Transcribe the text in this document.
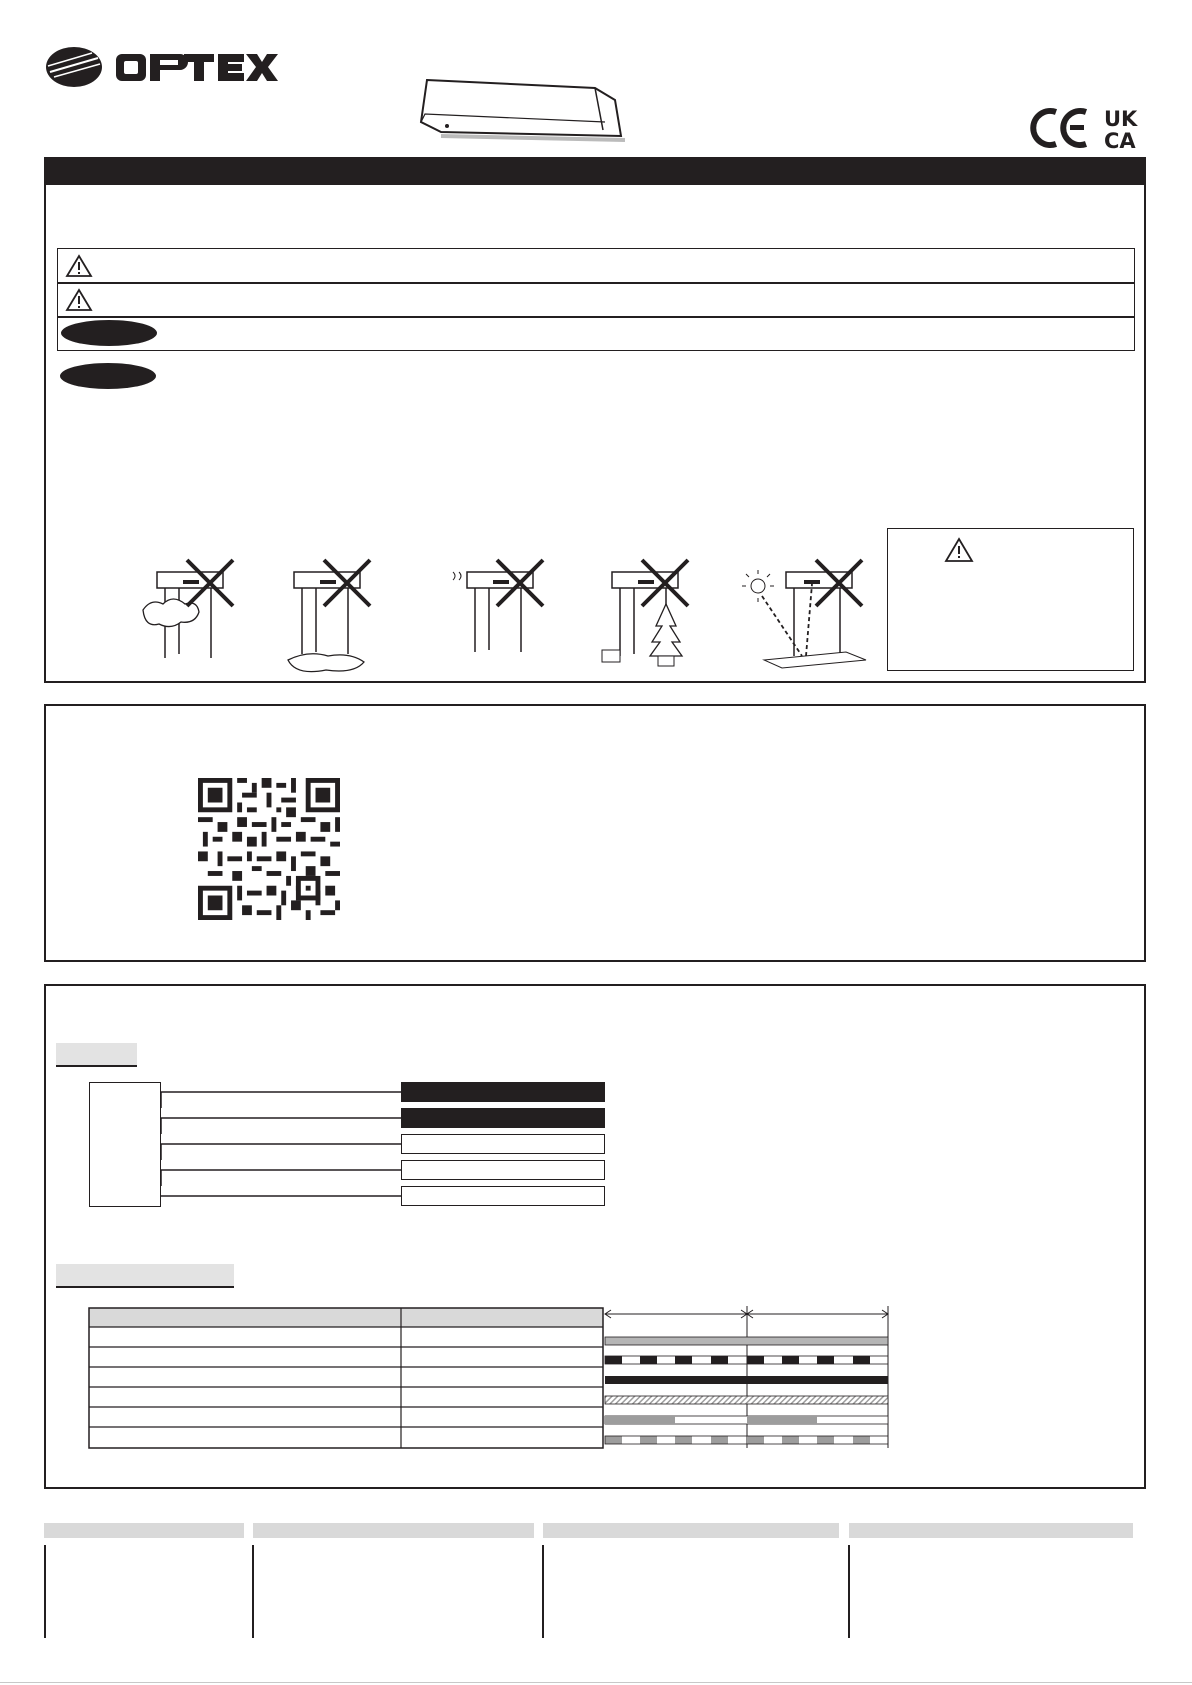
UK
CA
